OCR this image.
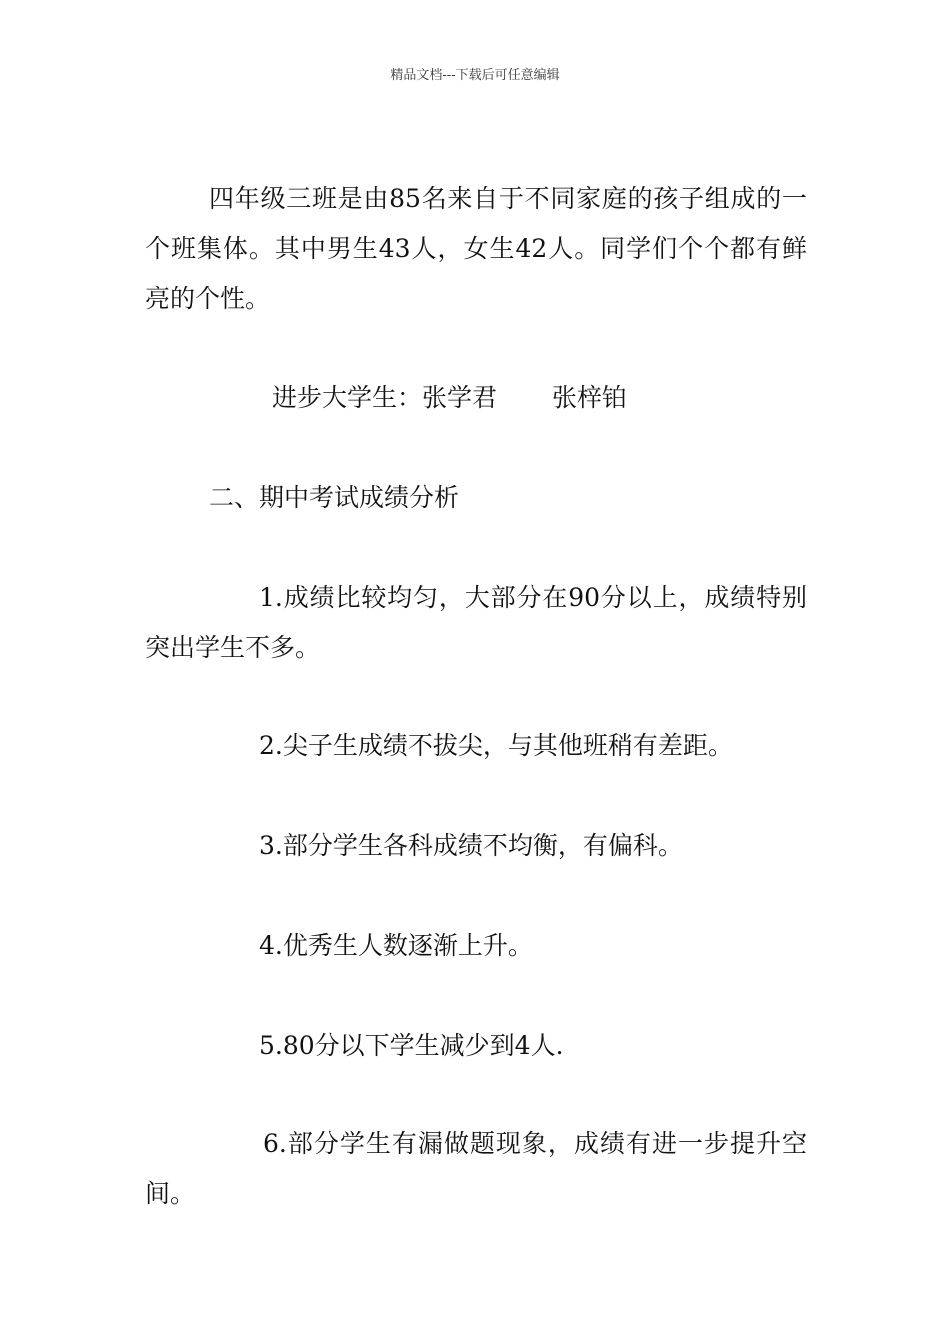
精品文档---下载后可任意编辑

四年级三班是由85名来自于不同家庭的孩子组成的一个班集体。其中男生43人，女生42人。同学们个个都有鲜亮的个性。

进步大学生：张学君 张梓铂
二、期中考试成绩分析

1.成绩比较均匀，大部分在90分以上，成绩特别突出学生不多。

2.尖子生成绩不拔尖，与其他班稍有差距。
3.部分学生各科成绩不均衡，有偏科。
4.优秀生人数逐渐上升。
5.80分以下学生减少到4人.

6.部分学生有漏做题现象，成绩有进一步提升空间。
